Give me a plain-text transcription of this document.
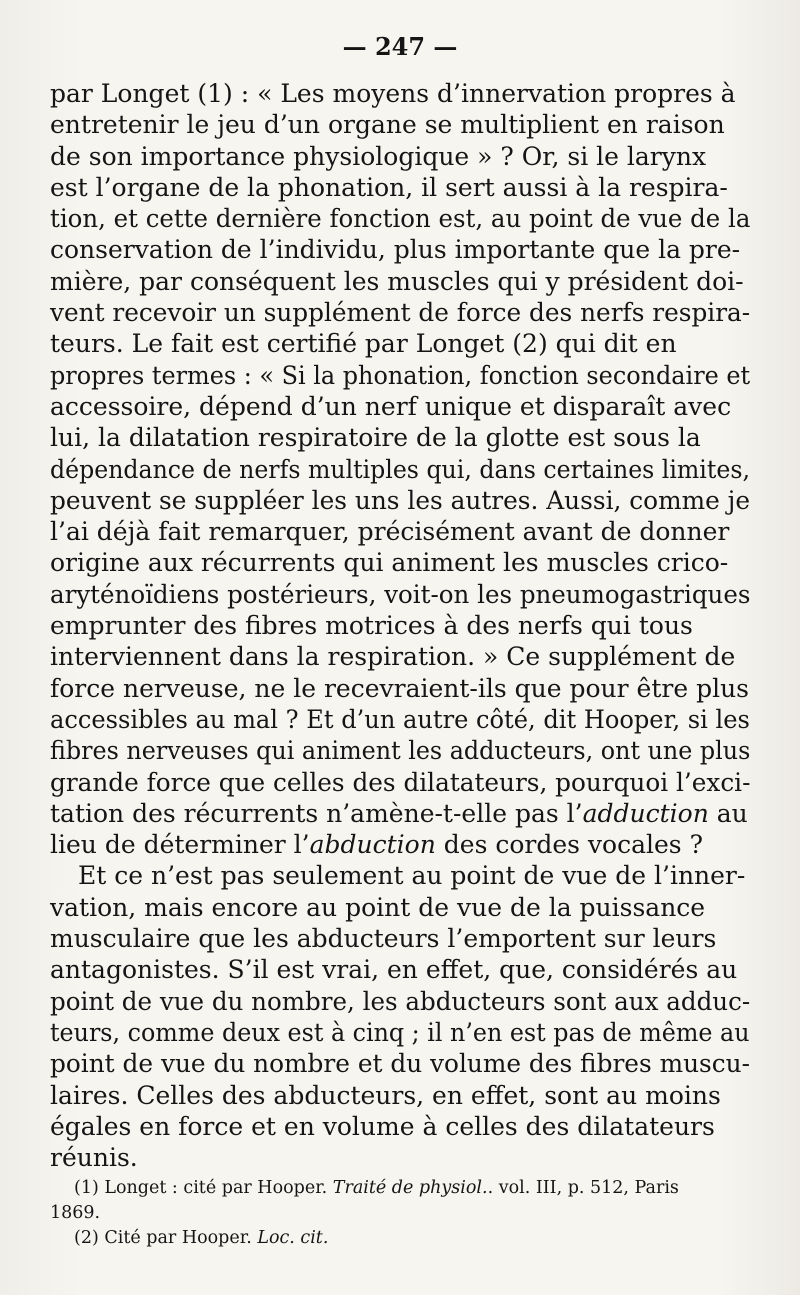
— 247 —
par Longet (1) : « Les moyens d’innervation propres à
entretenir le jeu d’un organe se multiplient en raison
de son importance physiologique » ? Or, si le larynx
est l’organe de la phonation, il sert aussi à la respira-
tion, et cette dernière fonction est, au point de vue de la
conservation de l’individu, plus importante que la pre-
mière, par conséquent les muscles qui y président doi-
vent recevoir un supplément de force des nerfs respira-
teurs. Le fait est certifié par Longet (2) qui dit en
propres termes : « Si la phonation, fonction secondaire et
accessoire, dépend d’un nerf unique et disparaît avec
lui, la dilatation respiratoire de la glotte est sous la
dépendance de nerfs multiples qui, dans certaines limites,
peuvent se suppléer les uns les autres. Aussi, comme je
l’ai déjà fait remarquer, précisément avant de donner
origine aux récurrents qui animent les muscles crico-
aryténoïdiens postérieurs, voit-on les pneumogastriques
emprunter des fibres motrices à des nerfs qui tous
interviennent dans la respiration. » Ce supplément de
force nerveuse, ne le recevraient-ils que pour être plus
accessibles au mal ? Et d’un autre côté, dit Hooper, si les
fibres nerveuses qui animent les adducteurs, ont une plus
grande force que celles des dilatateurs, pourquoi l’exci-
tation des récurrents n’amène-t-elle pas l’adduction au
lieu de déterminer l’abduction des cordes vocales ?
Et ce n’est pas seulement au point de vue de l’inner-
vation, mais encore au point de vue de la puissance
musculaire que les abducteurs l’emportent sur leurs
antagonistes. S’il est vrai, en effet, que, considérés au
point de vue du nombre, les abducteurs sont aux adduc-
teurs, comme deux est à cinq ; il n’en est pas de même au
point de vue du nombre et du volume des fibres muscu-
laires. Celles des abducteurs, en effet, sont au moins
égales en force et en volume à celles des dilatateurs
réunis.
(1) Longet : cité par Hooper. Traité de physiol.. vol. III, p. 512, Paris
1869.
(2) Cité par Hooper. Loc. cit.
